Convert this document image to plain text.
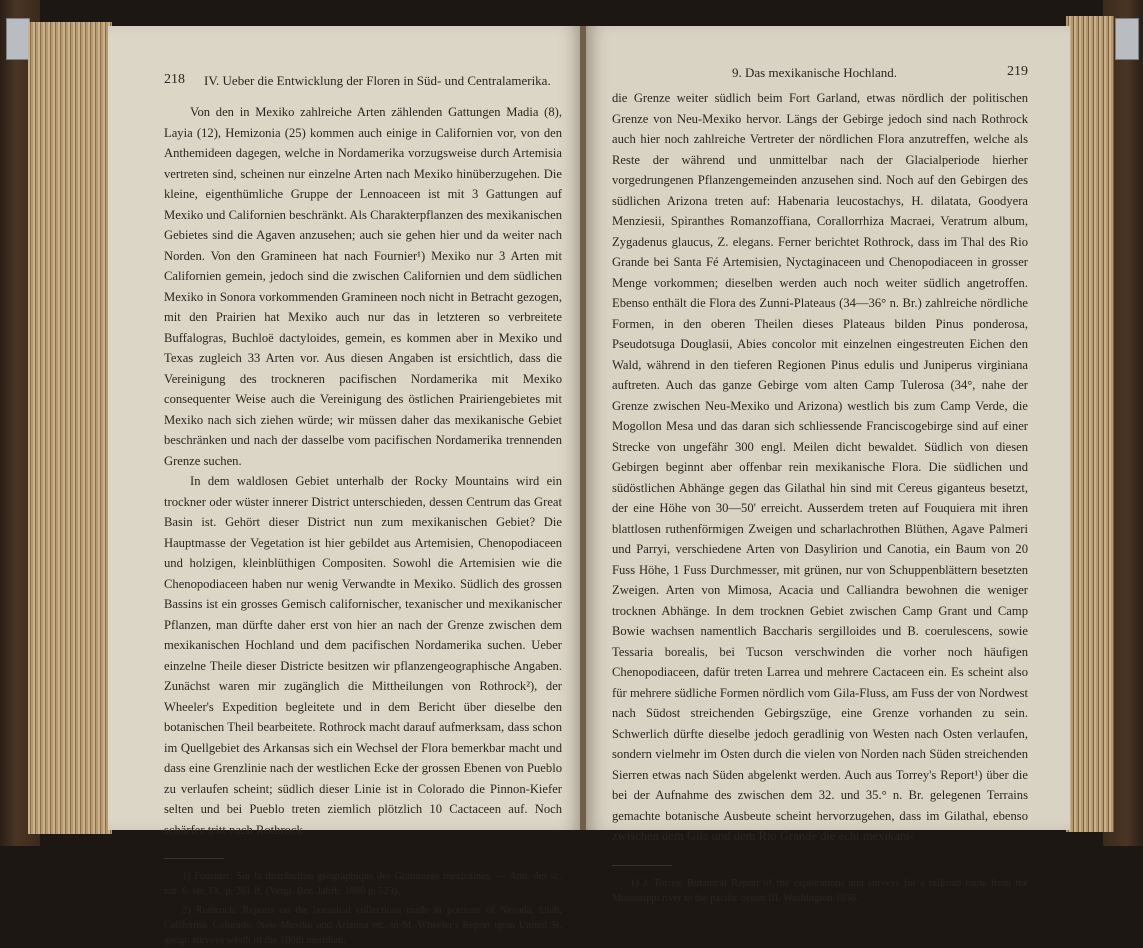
218 IV. Ueber die Entwicklung der Floren in Süd- und Centralamerika.

Von den in Mexiko zahlreiche Arten zählenden Gattungen Madia (8), Layia (12), Hemizonia (25) kommen auch einige in Californien vor, von den Anthemideen dagegen, welche in Nordamerika vorzugsweise durch Artemisia vertreten sind, scheinen nur einzelne Arten nach Mexiko hinüberzugehen. Die kleine, eigenthümliche Gruppe der Lennoaceen ist mit 3 Gattungen auf Mexiko und Californien beschränkt. Als Charakterpflanzen des mexikanischen Gebietes sind die Agaven anzusehen; auch sie gehen hier und da weiter nach Norden. Von den Gramineen hat nach Fournier¹) Mexiko nur 3 Arten mit Californien gemein, jedoch sind die zwischen Californien und dem südlichen Mexiko in Sonora vorkommenden Gramineen noch nicht in Betracht gezogen, mit den Prairien hat Mexiko auch nur das in letzteren so verbreitete Buffalogras, Buchloë dactyloides, gemein, es kommen aber in Mexiko und Texas zugleich 33 Arten vor. Aus diesen Angaben ist ersichtlich, dass die Vereinigung des trockneren pacifischen Nordamerika mit Mexiko consequenter Weise auch die Vereinigung des östlichen Prairiengebietes mit Mexiko nach sich ziehen würde; wir müssen daher das mexikanische Gebiet beschränken und nach der dasselbe vom pacifischen Nordamerika trennenden Grenze suchen.

In dem waldlosen Gebiet unterhalb der Rocky Mountains wird ein trockner oder wüster innerer District unterschieden, dessen Centrum das Great Basin ist. Gehört dieser District nun zum mexikanischen Gebiet? Die Hauptmasse der Vegetation ist hier gebildet aus Artemisien, Chenopodiaceen und holzigen, kleinblüthigen Compositen. Sowohl die Artemisien wie die Chenopodiaceen haben nur wenig Verwandte in Mexiko. Südlich des grossen Bassins ist ein grosses Gemisch californischer, texanischer und mexikanischer Pflanzen, man dürfte daher erst von hier an nach der Grenze zwischen dem mexikanischen Hochland und dem pacifischen Nordamerika suchen. Ueber einzelne Theile dieser Districte besitzen wir pflanzengeographische Angaben. Zunächst waren mir zugänglich die Mittheilungen von Rothrock²), der Wheeler's Expedition begleitete und in dem Bericht über dieselbe den botanischen Theil bearbeitete. Rothrock macht darauf aufmerksam, dass schon im Quellgebiet des Arkansas sich ein Wechsel der Flora bemerkbar macht und dass eine Grenzlinie nach der westlichen Ecke der grossen Ebenen von Pueblo zu verlaufen scheint; südlich dieser Linie ist in Colorado die Pinnon-Kiefer selten und bei Pueblo treten ziemlich plötzlich 10 Cactaceen auf. Noch schärfer tritt nach Rothrock

1) Fournier: Sur la distribution géographique des Graminées mexicaines. — Ann. des sc. nat. 6. sér. IX. p. 261 ff. (Vergl. Bot. Jahrb. 1880 p. 523).

2) Rothrock: Reports on the botanical collections made in portions of Nevada, Utah, California, Colorado, New-Mexiko und Arizona etc. in M. Wheeler's Report upon United St. geogr. surveys westh of the 100th meridian.

9. Das mexikanische Hochland.	219

die Grenze weiter südlich beim Fort Garland, etwas nördlich der politischen Grenze von Neu-Mexiko hervor. Längs der Gebirge jedoch sind nach Rothrock auch hier noch zahlreiche Vertreter der nördlichen Flora anzutreffen, welche als Reste der während und unmittelbar nach der Glacialperiode hierher vorgedrungenen Pflanzengemeinden anzusehen sind. Noch auf den Gebirgen des südlichen Arizona treten auf: Habenaria leucostachys, H. dilatata, Goodyera Menziesii, Spiranthes Romanzoffiana, Corallorrhiza Macraei, Veratrum album, Zygadenus glaucus, Z. elegans. Ferner berichtet Rothrock, dass im Thal des Rio Grande bei Santa Fé Artemisien, Nyctaginaceen und Chenopodiaceen in grosser Menge vorkommen; dieselben werden auch noch weiter südlich angetroffen. Ebenso enthält die Flora des Zunni-Plateaus (34—36° n. Br.) zahlreiche nördliche Formen, in den oberen Theilen dieses Plateaus bilden Pinus ponderosa, Pseudotsuga Douglasii, Abies concolor mit einzelnen eingestreuten Eichen den Wald, während in den tieferen Regionen Pinus edulis und Juniperus virginiana auftreten. Auch das ganze Gebirge vom alten Camp Tulerosa (34°, nahe der Grenze zwischen Neu-Mexiko und Arizona) westlich bis zum Camp Verde, die Mogollon Mesa und das daran sich schliessende Franciscogebirge sind auf einer Strecke von ungefähr 300 engl. Meilen dicht bewaldet. Südlich von diesen Gebirgen beginnt aber offenbar rein mexikanische Flora. Die südlichen und südöstlichen Abhänge gegen das Gilathal hin sind mit Cereus giganteus besetzt, der eine Höhe von 30—50' erreicht. Ausserdem treten auf Fouquiera mit ihren blattlosen ruthenförmigen Zweigen und scharlachrothen Blüthen, Agave Palmeri und Parryi, verschiedene Arten von Dasylirion und Canotia, ein Baum von 20 Fuss Höhe, 1 Fuss Durchmesser, mit grünen, nur von Schuppenblättern besetzten Zweigen. Arten von Mimosa, Acacia und Calliandra bewohnen die weniger trocknen Abhänge. In dem trocknen Gebiet zwischen Camp Grant und Camp Bowie wachsen namentlich Baccharis sergilloides und B. coerulescens, sowie Tessaria borealis, bei Tucson verschwinden die vorher noch häufigen Chenopodiaceen, dafür treten Larrea und mehrere Cactaceen ein. Es scheint also für mehrere südliche Formen nördlich vom Gila-Fluss, am Fuss der von Nordwest nach Südost streichenden Gebirgszüge, eine Grenze vorhanden zu sein. Schwerlich dürfte dieselbe jedoch geradlinig von Westen nach Osten verlaufen, sondern vielmehr im Osten durch die vielen von Norden nach Süden streichenden Sierren etwas nach Süden abgelenkt werden. Auch aus Torrey's Report¹) über die bei der Aufnahme des zwischen dem 32. und 35.° n. Br. gelegenen Terrains gemachte botanische Ausbeute scheint hervorzugehen, dass im Gilathal, ebenso zwischen dem Gila und dem Rio Grande die echt mexikani-

1) J. Torrey, Botanical Report of the explorations and surveys for a railroad route from the Mississippi river to the pacific ocean III. Washington 1856.
